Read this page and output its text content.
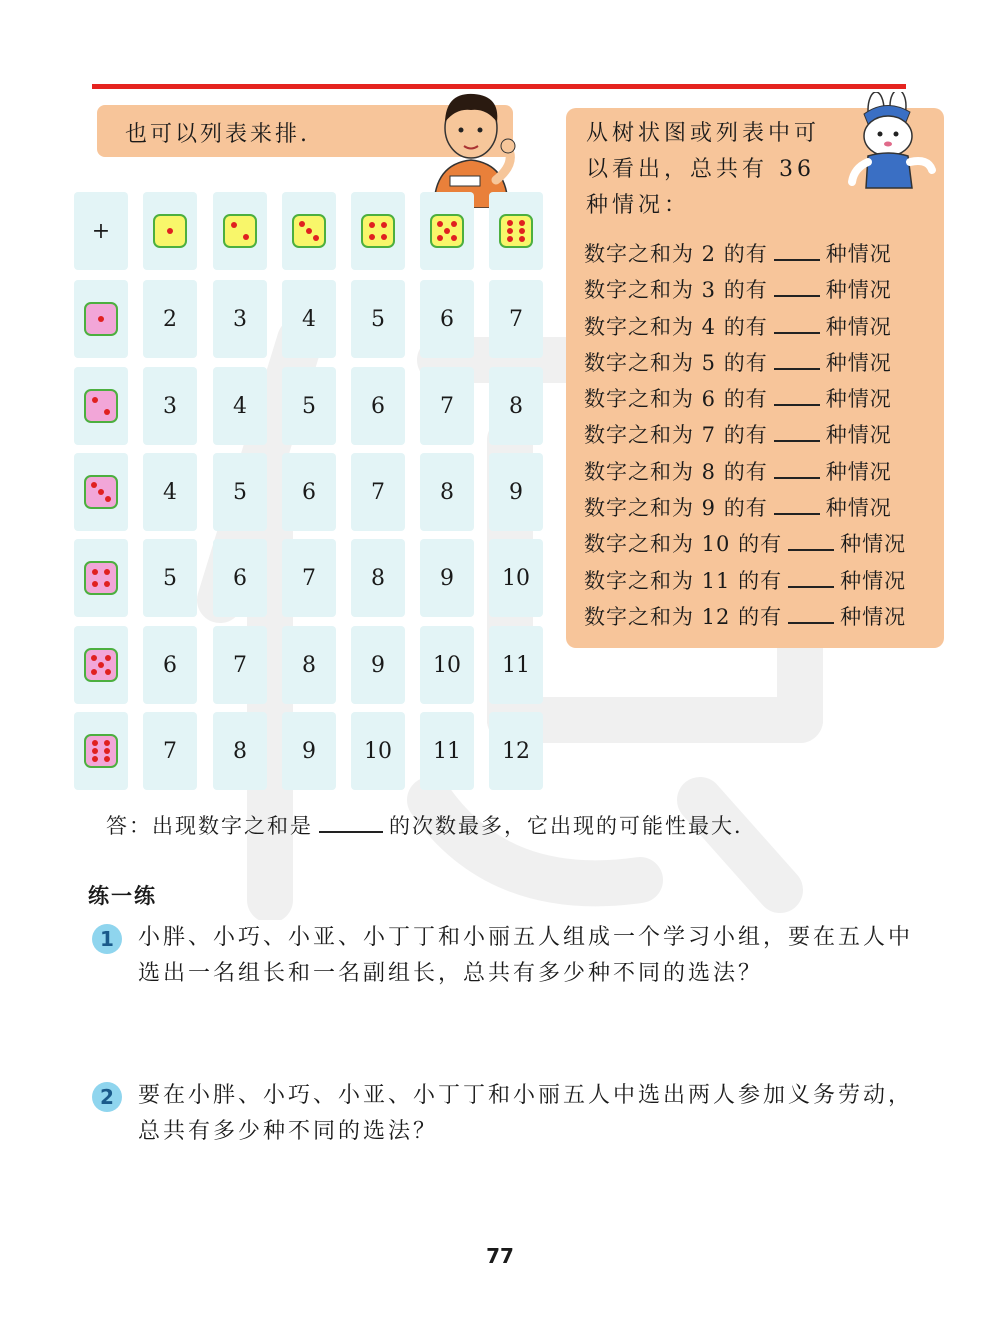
也可以列表来排.	从树状图或列表中可以看出，总共有 36 种情况：
数字之和为 2 的有	种情况
数字之和为 3 的有	种情况
数字之和为 4 的有	种情况
数字之和为 5 的有	种情况
数字之和为 6 的有	种情况
数字之和为 7 的有	种情况
数字之和为 8 的有	种情况
数字之和为 9 的有	种情况
数字之和为 10 的有	种情况
数字之和为 11 的有	种情况
数字之和为 12 的有	种情况
+
2	3	4	5	6	7
3	4	5	6	7	8
4	5	6	7	8	9
5	6	7	8	9 10
6	7	8	9 10 11
7	8	9 10 11 12
答：出现数字之和是	的次数最多，它出现的可能性最大．
练一练
1	小胖、小巧、小亚、小丁丁和小丽五人组成一个学习小组，要在五人中选出一名组长和一名副组长，总共有多少种不同的选法？
2	要在小胖、小巧、小亚、小丁丁和小丽五人中选出两人参加义务劳动，总共有多少种不同的选法？
77
